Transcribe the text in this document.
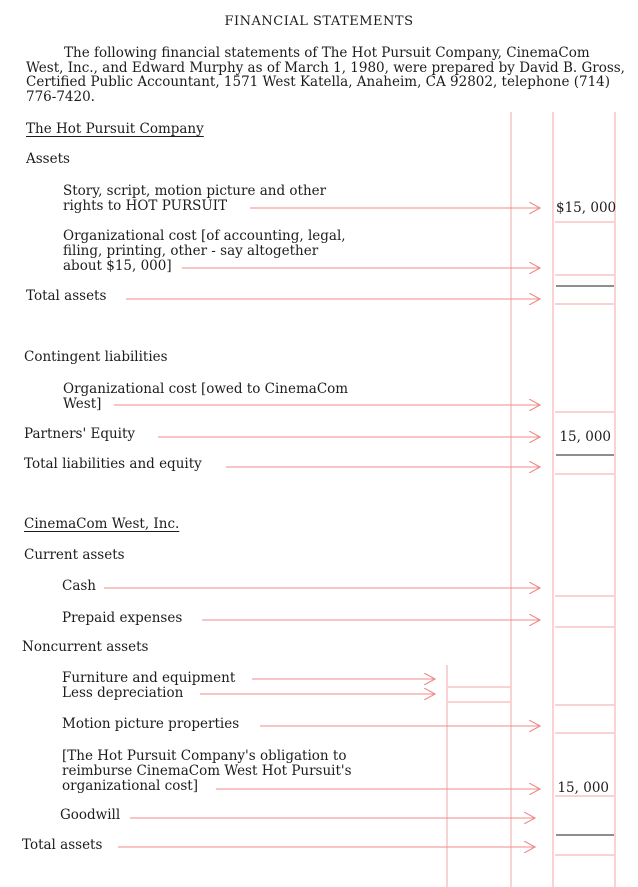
FINANCIAL STATEMENTS
The following financial statements of The Hot Pursuit Company, CinemaCom West, Inc., and Edward Murphy as of March 1, 1980, were prepared by David B. Gross, Certified Public Accountant, 1571 West Katella, Anaheim, CA 92802, telephone (714) 776-7420.
The Hot Pursuit Company
Assets
Story, script, motion picture and other
rights to HOT PURSUIT	$15, 000
Organizational cost [of accounting, legal,
filing, printing, other - say altogether
about $15, 000]
Total assets
Contingent liabilities
Organizational cost [owed to CinemaCom
West]
Partners' Equity	15, 000
Total liabilities and equity
CinemaCom West, Inc.
Current assets
Cash
Prepaid expenses
Noncurrent assets
Furniture and equipment
Less depreciation
Motion picture properties
[The Hot Pursuit Company's obligation to
reimburse CinemaCom West Hot Pursuit's
organizational cost]	15, 000
Goodwill
Total assets
